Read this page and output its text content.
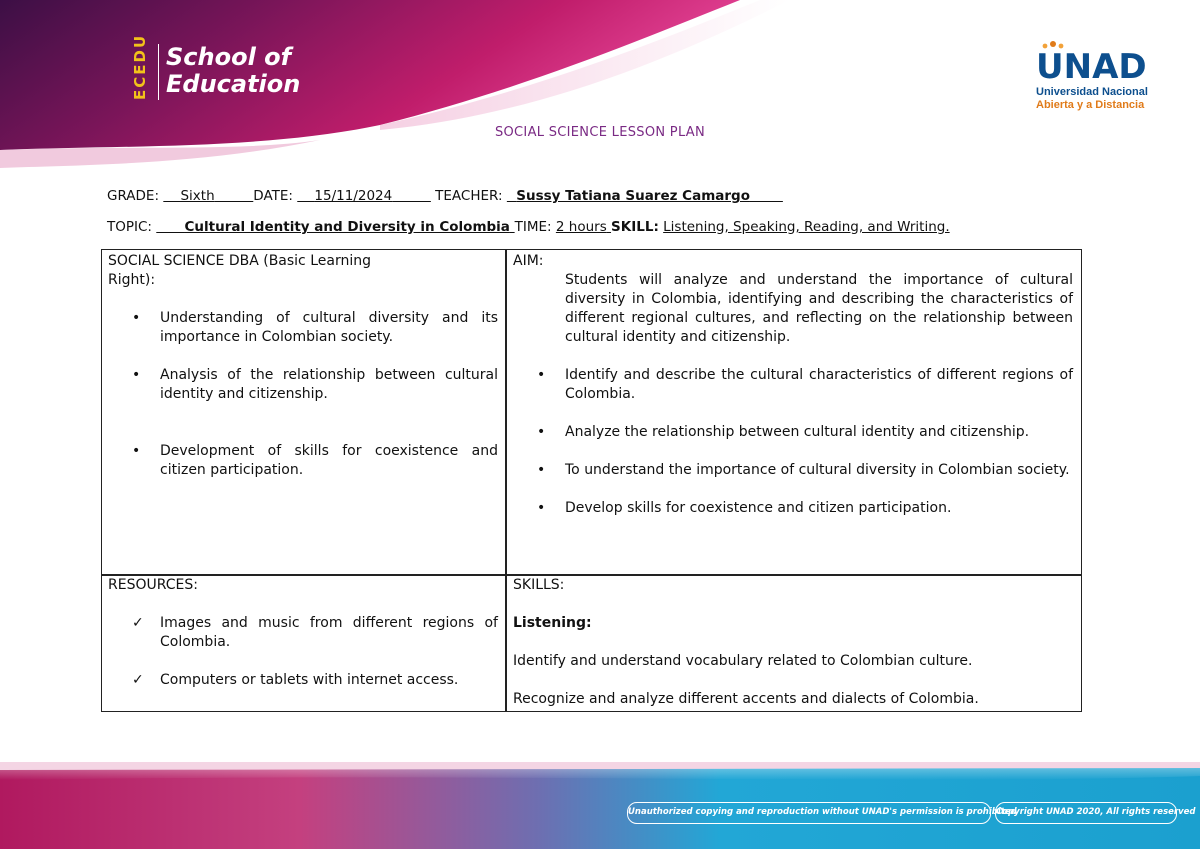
ECEDU School of
Education	UNAD
Universidad Nacional
Abierta y a Distancia
SOCIAL SCIENCE LESSON PLAN
GRADE: Sixth	DATE: 15/11/2024	TEACHER: Sussy Tatiana Suarez Camargo
TOPIC: Cultural Identity and Diversity in Colombia TIME: 2 hours SKILL: Listening, Speaking, Reading, and Writing.
SOCIAL SCIENCE DBA (Basic Learning
Right):
• Understanding of cultural diversity and its importance in Colombian society.
• Analysis of the relationship between cultural identity and citizenship.
• Development of skills for coexistence and citizen participation.
AIM:
Students will analyze and understand the importance of cultural diversity in Colombia, identifying and describing the characteristics of different regional cultures, and reflecting on the relationship between cultural identity and citizenship.
• Identify and describe the cultural characteristics of different regions of Colombia.
• Analyze the relationship between cultural identity and citizenship.
• To understand the importance of cultural diversity in Colombian society.
• Develop skills for coexistence and citizen participation.
RESOURCES:
✓ Images and music from different regions of Colombia.
✓ Computers or tablets with internet access.
SKILLS:
Listening:
Identify and understand vocabulary related to Colombian culture.
Recognize and analyze different accents and dialects of Colombia.
Unauthorized copying and reproduction without UNAD's permission is prohibited
Copyright UNAD 2020, All rights reserved
